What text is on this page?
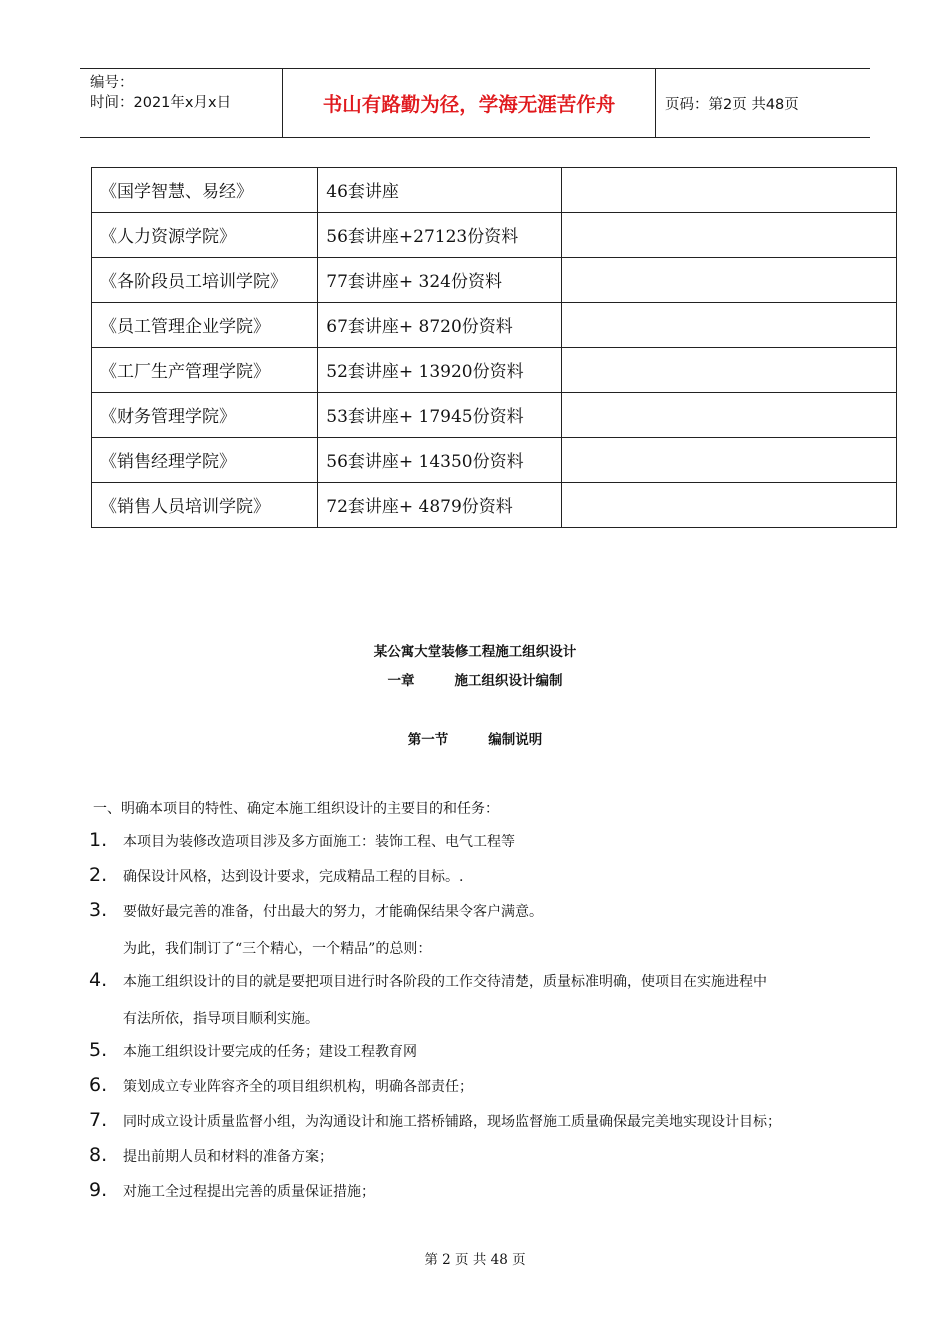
编号：
时间：2021年x月x日	书山有路勤为径，学海无涯苦作舟	页码：第2页 共48页
《国学智慧、易经》	46套讲座	
《人力资源学院》	56套讲座+27123份资料	
《各阶段员工培训学院》	77套讲座+ 324份资料	
《员工管理企业学院》	67套讲座+ 8720份资料	
《工厂生产管理学院》	52套讲座+ 13920份资料	
《财务管理学院》	53套讲座+ 17945份资料	
《销售经理学院》	56套讲座+ 14350份资料	
《销售人员培训学院》	72套讲座+ 4879份资料	
某公寓大堂装修工程施工组织设计
一章	施工组织设计编制
第一节	编制说明
一、明确本项目的特性、确定本施工组织设计的主要目的和任务：
1. 本项目为装修改造项目涉及多方面施工：装饰工程、电气工程等
2. 确保设计风格，达到设计要求，完成精品工程的目标。.
3. 要做好最完善的准备，付出最大的努力，才能确保结果令客户满意。
为此，我们制订了“三个精心，一个精品”的总则：
4. 本施工组织设计的目的就是要把项目进行时各阶段的工作交待清楚，质量标准明确，使项目在实施进程中
有法所依，指导项目顺利实施。
5. 本施工组织设计要完成的任务；建设工程教育网
6. 策划成立专业阵容齐全的项目组织机构，明确各部责任；
7. 同时成立设计质量监督小组，为沟通设计和施工搭桥铺路，现场监督施工质量确保最完美地实现设计目标；
8. 提出前期人员和材料的准备方案；
9. 对施工全过程提出完善的质量保证措施；
第 2 页 共 48 页
